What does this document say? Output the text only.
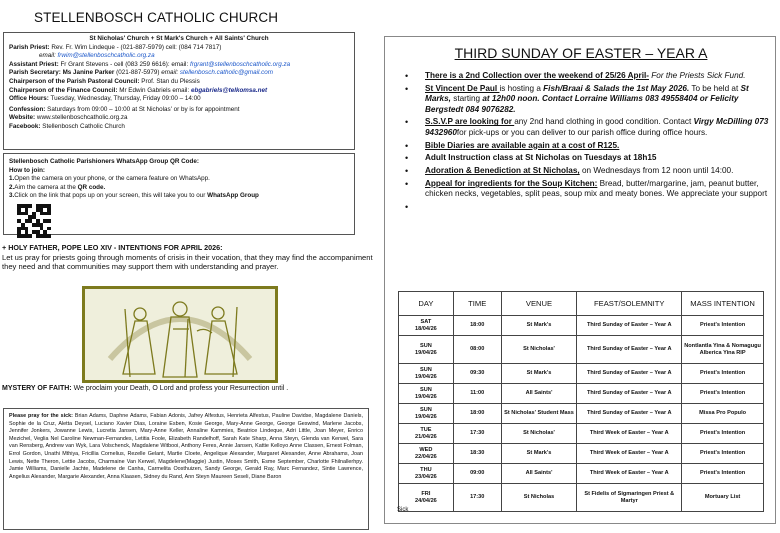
STELLENBOSCH CATHOLIC CHURCH
St Nicholas' Church + St Mark's Church + All Saints' Church
Parish Priest: Rev. Fr. Wim Lindeque - (021-887-5979) cell: (084 714 7817)
email: frwim@stellenboschcatholic.org.za
Assistant Priest: Fr Grant Stevens - cell (083 259 6616): email: frgrant@stellenboschcatholic.org.za
Parish Secretary: Ms Janine Parker (021-887-5979) email: stellenbosch.catholic@gmail.com
Chairperson of the Parish Pastoral Council: Prof. Stan du Plessis
Chairperson of the Finance Council: Mr Edwin Gabriels email: ebgabriels@telkomsa.net
Office Hours: Tuesday, Wednesday, Thursday, Friday 09:00 – 14:00
Confession: Saturdays from 09:00 – 10:00 at St Nicholas' or by is for appointment
Website: www.stellenboschcatholic.org.za
Facebook: Stellenbosch Catholic Church
Stellenbosch Catholic Parishioners WhatsApp Group QR Code:
How to join:
1.Open the camera on your phone, or the camera feature on WhatsApp.
2.Aim the camera at the QR code.
3.Click on the link that pops up on your screen, this will take you to our WhatsApp Group
+ HOLY FATHER, POPE LEO XIV - INTENTIONS FOR APRIL 2026:
Let us pray for priests going through moments of crisis in their vocation, that they may find the accompaniment they need and that communities may support them with understanding and prayer.
MYSTERY OF FAITH: We proclaim your Death, O Lord and profess your Resurrection until .
Please pray for the sick: Brian Adams, Daphne Adams, Fabian Adonis, Jafrey Alfestus, Henrieta Alfestus, Pauline Davidse, Magdalene Daniels, Sophie de la Cruz, Aletta Deysel, Luciano Xavier Dias, Loraine Esben, Kosie George, Mary-Anne George, George Geswind, Marlene Jacobs, Jennifer Jonkers, Jowanne Lewis, Lucretia Jansen, Mary-Anne Keller, Annaline Kammies, Beatrice Lindeque, Adri Little, Joan Meyer, Enrico Mezichel, Veglia Nel Caroline Newman-Fernandes, Letitia Foole, Elizabeth Randelhoff, Sarah Kate Sharp, Anna Steyn, Glenda van Kerwel, Sara van Rensberg, Andrew van Wyk, Lara Volschenck, Magdalene Witbooi, Anthony Feres, Annie Jansen, Kattie Kelloyo Anne Classen, Ernest Folman, Errol Gordon, Unathi Mthiya, Fricillia Cornelius, Rezelle Gelant, Martie Cloete, Angelique Alexander, Margaret Alexander, Anne Abrahams, Joan Lewis, Nette Theron, Lettie Jacobs, Charmaine Van Kerwel, Magdelene(Maggie) Justin, Moses Smith, Esme September, Charlotte Fhilnallerhpy. Jamie Williams, Danielle Jachte, Madelene de Canha, Carmelita Oosthuizen, Sandy George, Gerald Ray, Marc Fernandez, Sintie Lawrence, Angelius Alexander, Margarie Alexander, Anna Klaasen, Sidney du Rand, Ann Steyn Maureen Seseli, Diane Baron
THIRD SUNDAY OF EASTER – YEAR A
• There is a 2nd Collection over the weekend of 25/26 April- For the Priests Sick Fund.
• St Vincent De Paul is hosting a Fish/Braai & Salads the 1st May 2026. To be held at St Marks, starting at 12h00 noon. Contact Lorraine Williams 083 49558404 or Felicity Bergstedt 084 9076282.
• S.S.V.P are looking for any 2nd hand clothing in good condition. Contact Virgy McDilling 073 9432960for pick-ups or you can deliver to our parish office during office hours.
• Bible Diaries are available again at a cost of R125.
• Adult Instruction class at St Nicholas on Tuesdays at 18h15
• Adoration & Benediction at St Nicholas, on Wednesdays from 12 noon until 14:00.
• Appeal for ingredients for the Soup Kitchen: Bread, butter/margarine, jam, peanut butter, chicken necks, vegetables, split peas, soup mix and meaty bones. We appreciate your support
DAY	TIME	VENUE	FEAST/SOLEMNITY	MASS INTENTION

SAT
18/04/26	18:00	St Mark's	Third Sunday of Easter – Year A	Priest's Intention

SUN
19/04/26	08:00	St Nicholas'	Third Sunday of Easter – Year A	Nontlantla Yina & Nomagugu Alberica Yina RIP

SUN
19/04/26	09:30	St Mark's	Third Sunday of Easter – Year A	Priest's Intention

SUN
19/04/26	11:00	All Saints'	Third Sunday of Easter – Year A	Priest's Intention

SUN
19/04/26	18:00	St Nicholas' Student Mass	Third Sunday of Easter – Year A	Missa Pro Populo

TUE
21/04/26	17:30	St Nicholas'	Third Week of Easter – Year A	Priest's Intention

WED
22/04/26	18:30	St Mark's	Third Week of Easter – Year A	Priest's Intention

THU
23/04/26	09:00	All Saints'	Third Week of Easter – Year A	Priest's Intention

FRI
24/04/26	17:30	St Nicholas	St Fidelis of Sigmaringen Priest & Martyr	Mortuary List
Sick
